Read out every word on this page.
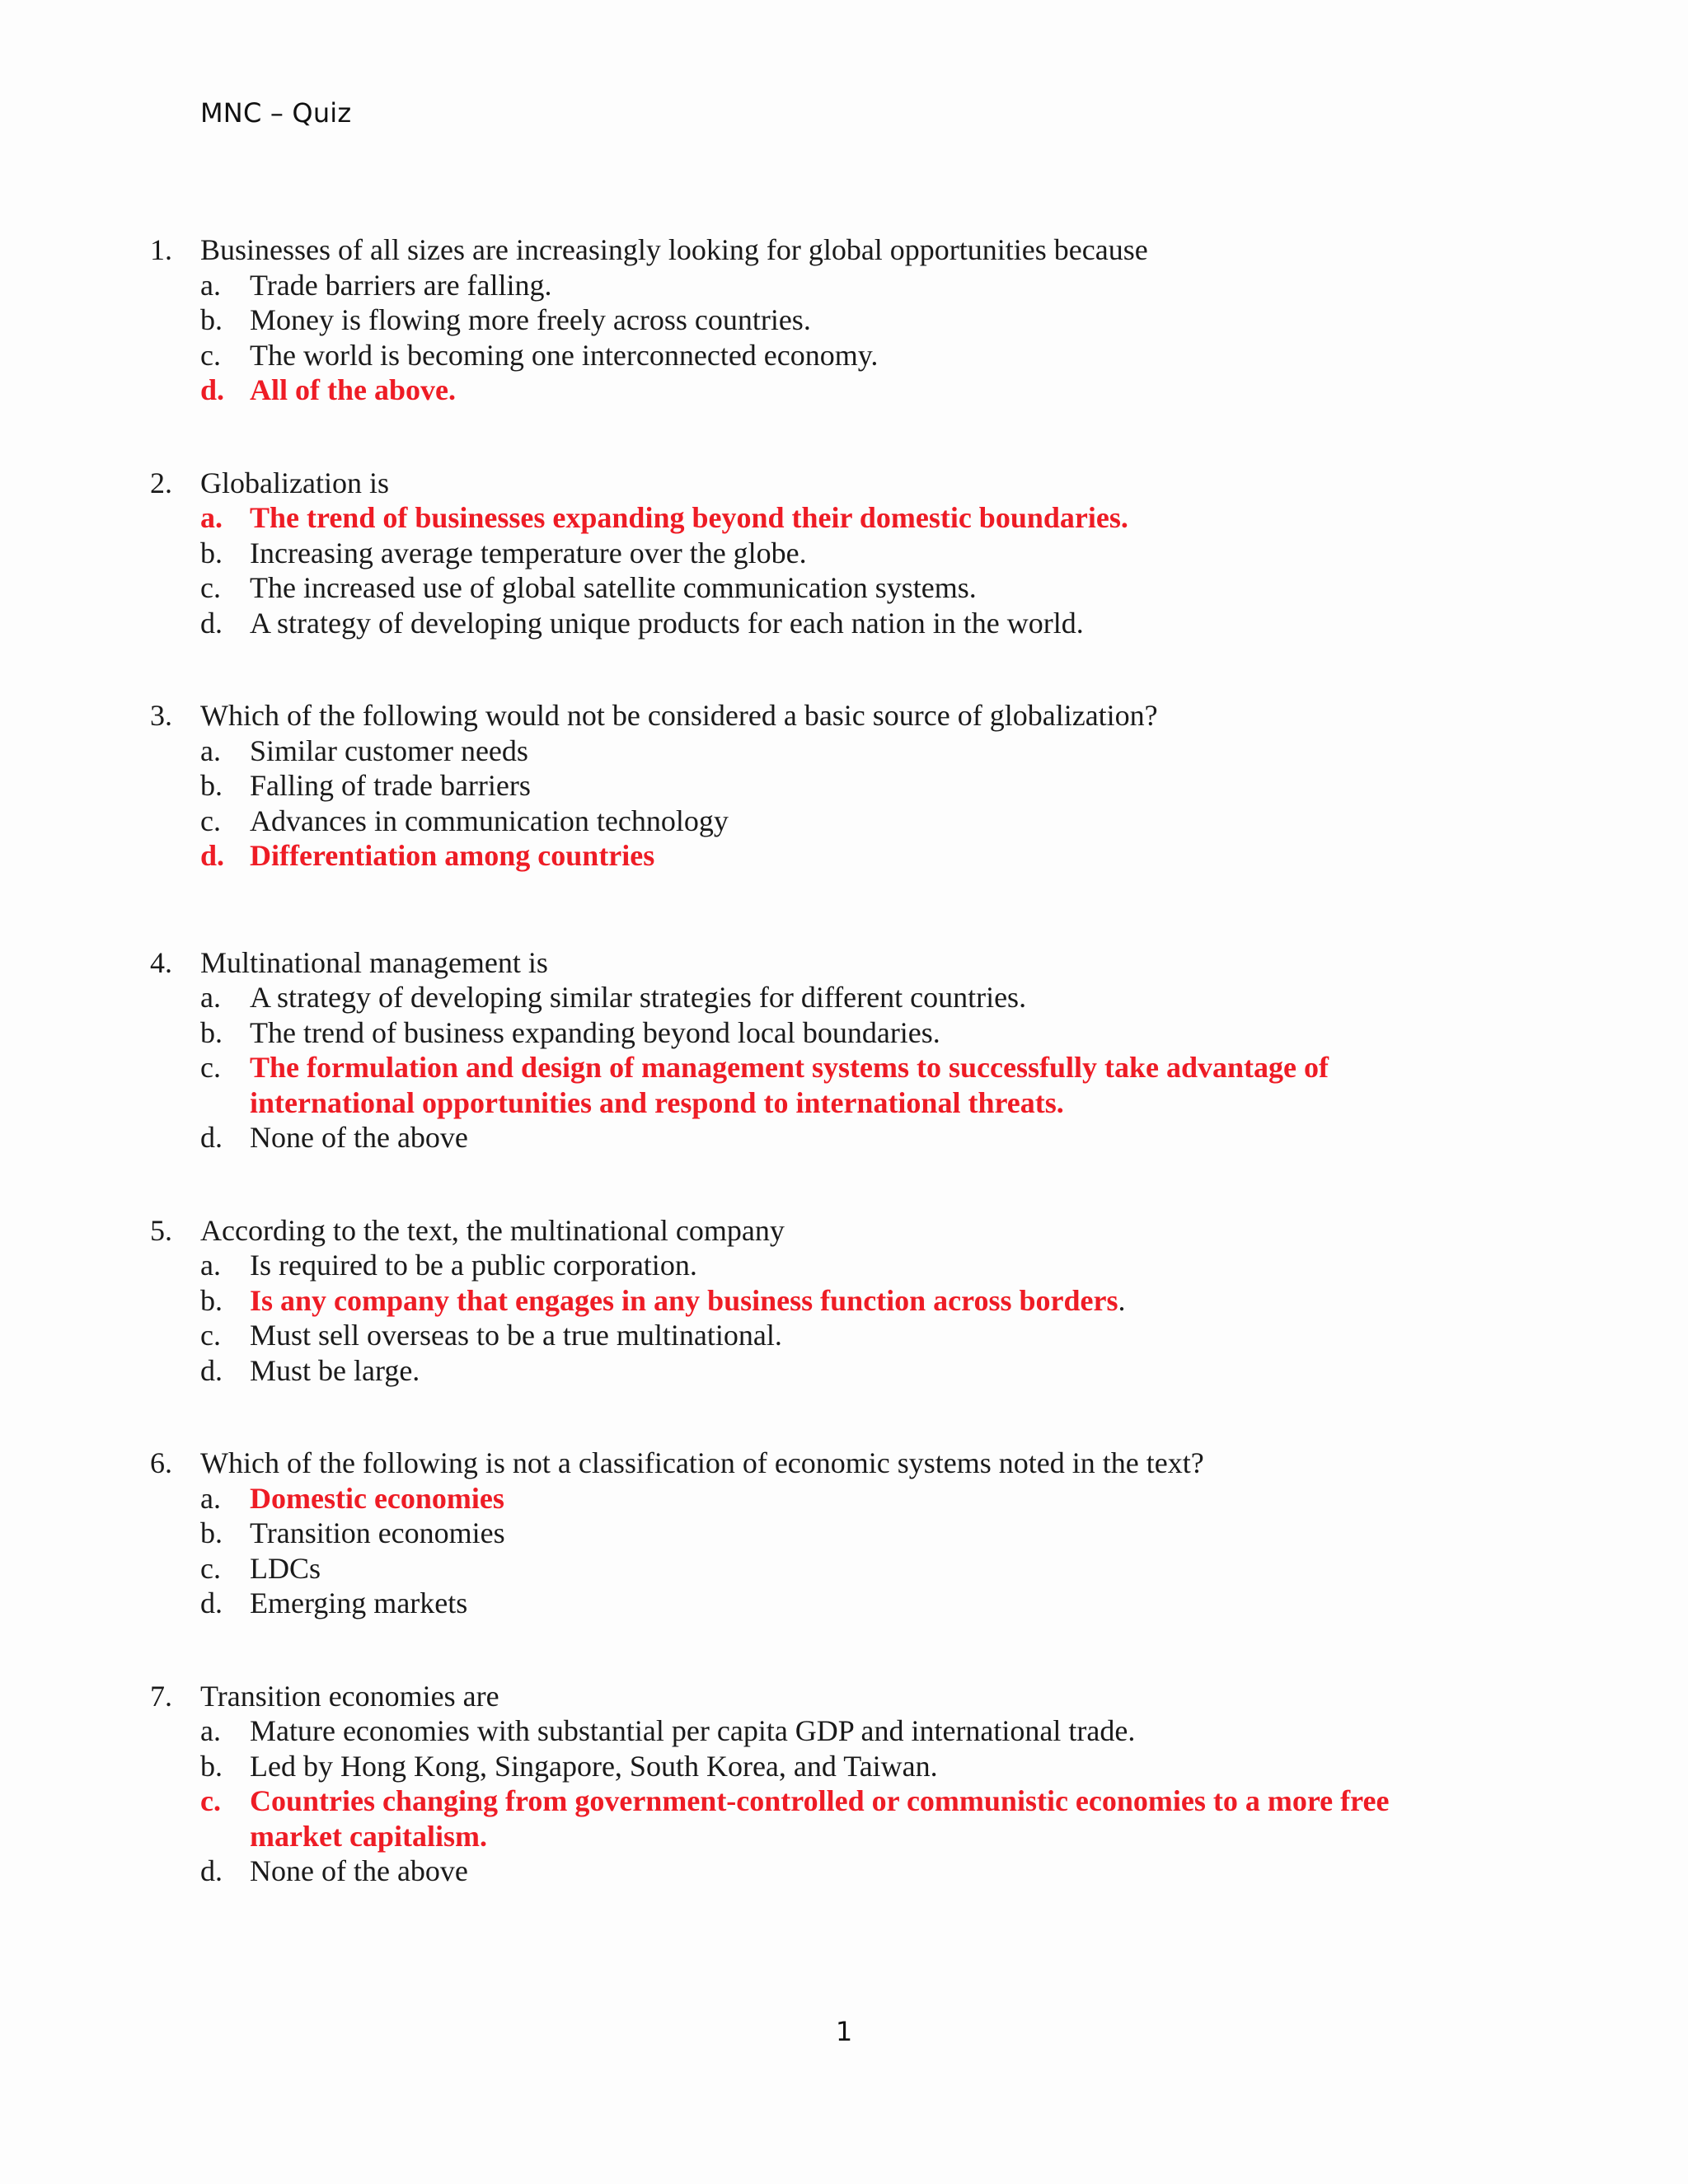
MNC – Quiz
1. Businesses of all sizes are increasingly looking for global opportunities because
a. Trade barriers are falling.
b. Money is flowing more freely across countries.
c. The world is becoming one interconnected economy.
d. All of the above.
2. Globalization is
a. The trend of businesses expanding beyond their domestic boundaries.
b. Increasing average temperature over the globe.
c. The increased use of global satellite communication systems.
d. A strategy of developing unique products for each nation in the world.
3. Which of the following would not be considered a basic source of globalization?
a. Similar customer needs
b. Falling of trade barriers
c. Advances in communication technology
d. Differentiation among countries
4. Multinational management is
a. A strategy of developing similar strategies for different countries.
b. The trend of business expanding beyond local boundaries.
c. The formulation and design of management systems to successfully take advantage of international opportunities and respond to international threats.
d. None of the above
5. According to the text, the multinational company
a. Is required to be a public corporation.
b. Is any company that engages in any business function across borders.
c. Must sell overseas to be a true multinational.
d. Must be large.
6. Which of the following is not a classification of economic systems noted in the text?
a. Domestic economies
b. Transition economies
c. LDCs
d. Emerging markets
7. Transition economies are
a. Mature economies with substantial per capita GDP and international trade.
b. Led by Hong Kong, Singapore, South Korea, and Taiwan.
c. Countries changing from government-controlled or communistic economies to a more free market capitalism.
d. None of the above
1
